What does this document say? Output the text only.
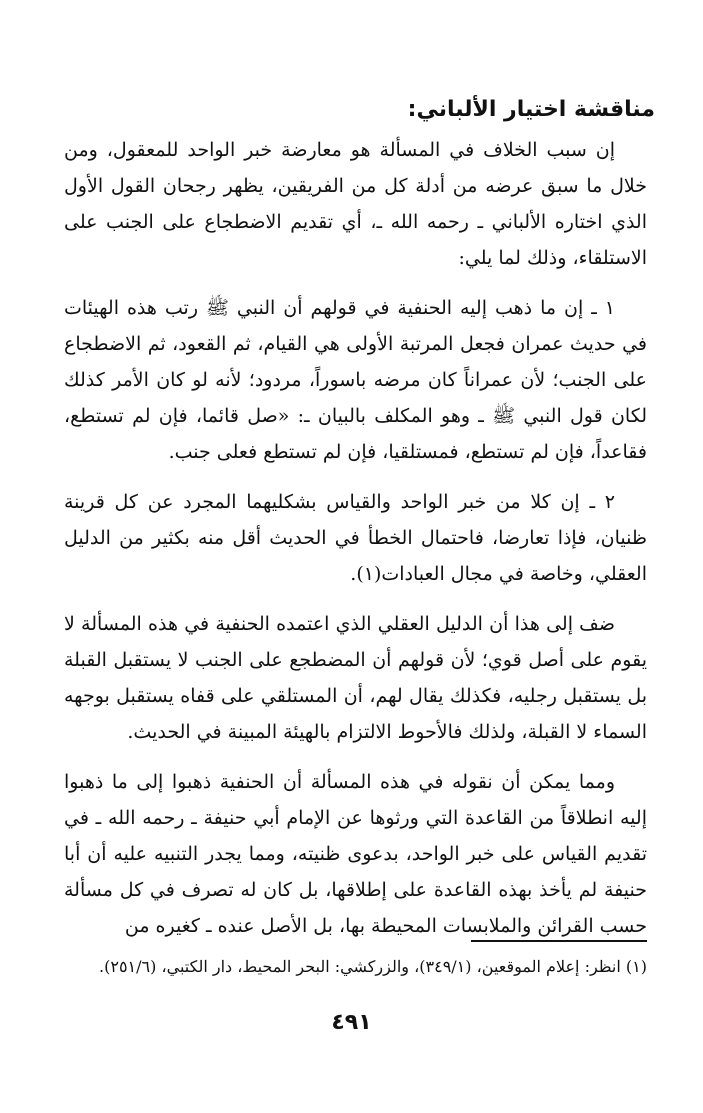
مناقشة اختيار الألباني:

إن سبب الخلاف في المسألة هو معارضة خبر الواحد للمعقول، ومن خلال ما سبق عرضه من أدلة كل من الفريقين، يظهر رجحان القول الأول الذي اختاره الألباني ـ رحمه الله ـ، أي تقديم الاضطجاع على الجنب على الاستلقاء، وذلك لما يلي:

١ ـ إن ما ذهب إليه الحنفية في قولهم أن النبي ﷺ رتب هذه الهيئات في حديث عمران فجعل المرتبة الأولى هي القيام، ثم القعود، ثم الاضطجاع على الجنب؛ لأن عمراناً كان مرضه باسوراً، مردود؛ لأنه لو كان الأمر كذلك لكان قول النبي ﷺ ـ وهو المكلف بالبيان ـ: «صل قائما، فإن لم تستطع، فقاعداً، فإن لم تستطع، فمستلقيا، فإن لم تستطع فعلى جنب.

٢ ـ إن كلا من خبر الواحد والقياس بشكليهما المجرد عن كل قرينة ظنيان، فإذا تعارضا، فاحتمال الخطأ في الحديث أقل منه بكثير من الدليل العقلي، وخاصة في مجال العبادات(١).

ضف إلى هذا أن الدليل العقلي الذي اعتمده الحنفية في هذه المسألة لا يقوم على أصل قوي؛ لأن قولهم أن المضطجع على الجنب لا يستقبل القبلة بل يستقبل رجليه، فكذلك يقال لهم، أن المستلقي على قفاه يستقبل بوجهه السماء لا القبلة، ولذلك فالأحوط الالتزام بالهيئة المبينة في الحديث.

ومما يمكن أن نقوله في هذه المسألة أن الحنفية ذهبوا إلى ما ذهبوا إليه انطلاقاً من القاعدة التي ورثوها عن الإمام أبي حنيفة ـ رحمه الله ـ في تقديم القياس على خبر الواحد، بدعوى ظنيته، ومما يجدر التنبيه عليه أن أبا حنيفة لم يأخذ بهذه القاعدة على إطلاقها، بل كان له تصرف في كل مسألة حسب القرائن والملابسات المحيطة بها، بل الأصل عنده ـ كغيره من

(١) انظر: إعلام الموقعين، (٣٤٩/١)، والزركشي: البحر المحيط، دار الكتبي، (٢٥١/٦).

٤٩١
